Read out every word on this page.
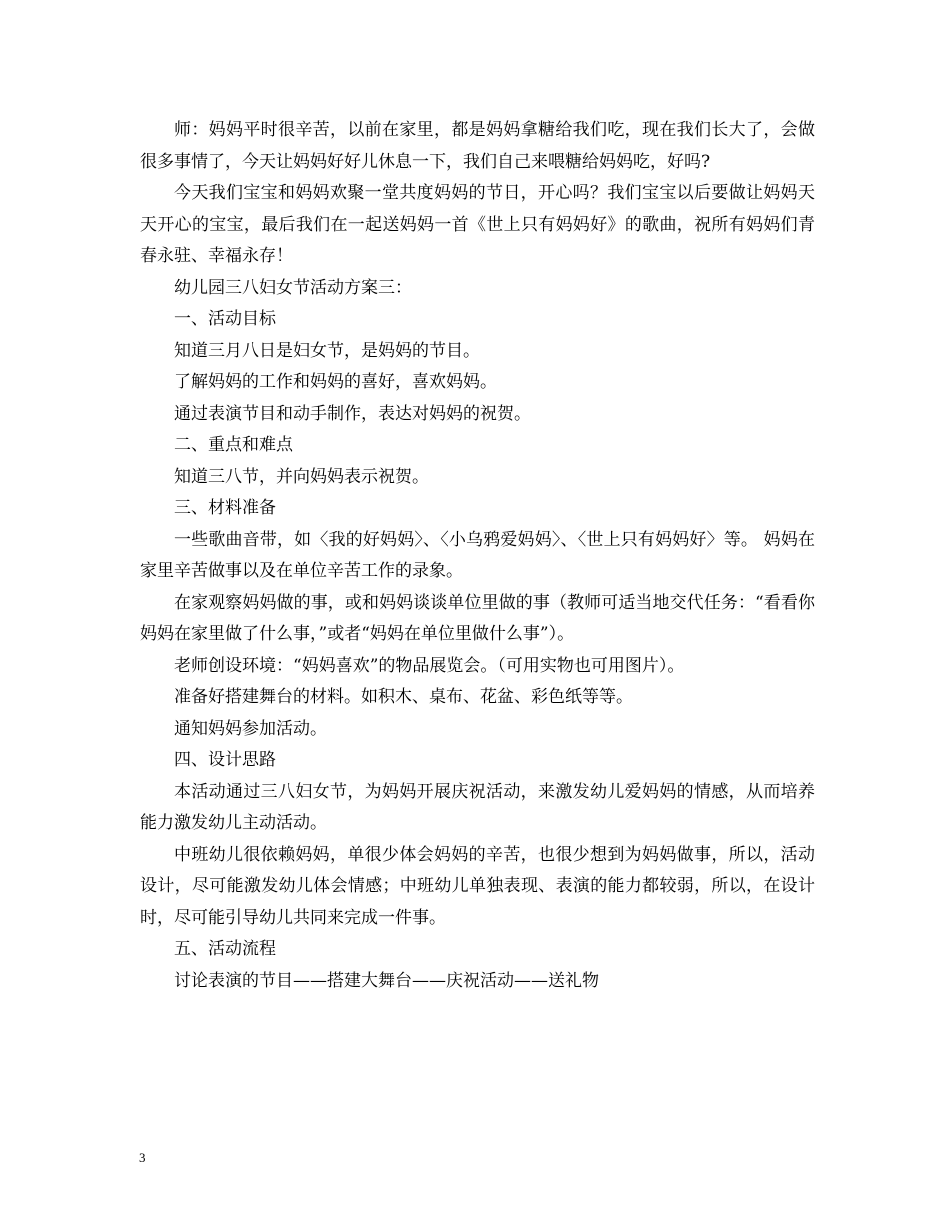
师：妈妈平时很辛苦，以前在家里，都是妈妈拿糖给我们吃，现在我们长大了，会做很多事情了，今天让妈妈好好儿休息一下，我们自己来喂糖给妈妈吃，好吗?

今天我们宝宝和妈妈欢聚一堂共度妈妈的节日，开心吗？我们宝宝以后要做让妈妈天天开心的宝宝，最后我们在一起送妈妈一首《世上只有妈妈好》的歌曲，祝所有妈妈们青春永驻、幸福永存！

幼儿园三八妇女节活动方案三：

一、活动目标

知道三月八日是妇女节，是妈妈的节目。

了解妈妈的工作和妈妈的喜好，喜欢妈妈。

通过表演节目和动手制作，表达对妈妈的祝贺。

二、重点和难点

知道三八节，并向妈妈表示祝贺。

三、材料准备

一些歌曲音带，如〈我的好妈妈〉、〈小乌鸦爱妈妈〉、〈世上只有妈妈好〉等。 妈妈在家里辛苦做事以及在单位辛苦工作的录象。

在家观察妈妈做的事，或和妈妈谈谈单位里做的事（教师可适当地交代任务：“看看你妈妈在家里做了什么事，”或者“妈妈在单位里做什么事”）。

老师创设环境：“妈妈喜欢”的物品展览会。（可用实物也可用图片）。

准备好搭建舞台的材料。如积木、桌布、花盆、彩色纸等等。

通知妈妈参加活动。

四、设计思路

本活动通过三八妇女节，为妈妈开展庆祝活动，来激发幼儿爱妈妈的情感，从而培养能力激发幼儿主动活动。

中班幼儿很依赖妈妈，单很少体会妈妈的辛苦，也很少想到为妈妈做事，所以，活动设计，尽可能激发幼儿体会情感；中班幼儿单独表现、表演的能力都较弱，所以，在设计时，尽可能引导幼儿共同来完成一件事。

五、活动流程

讨论表演的节目——搭建大舞台——庆祝活动——送礼物

3
